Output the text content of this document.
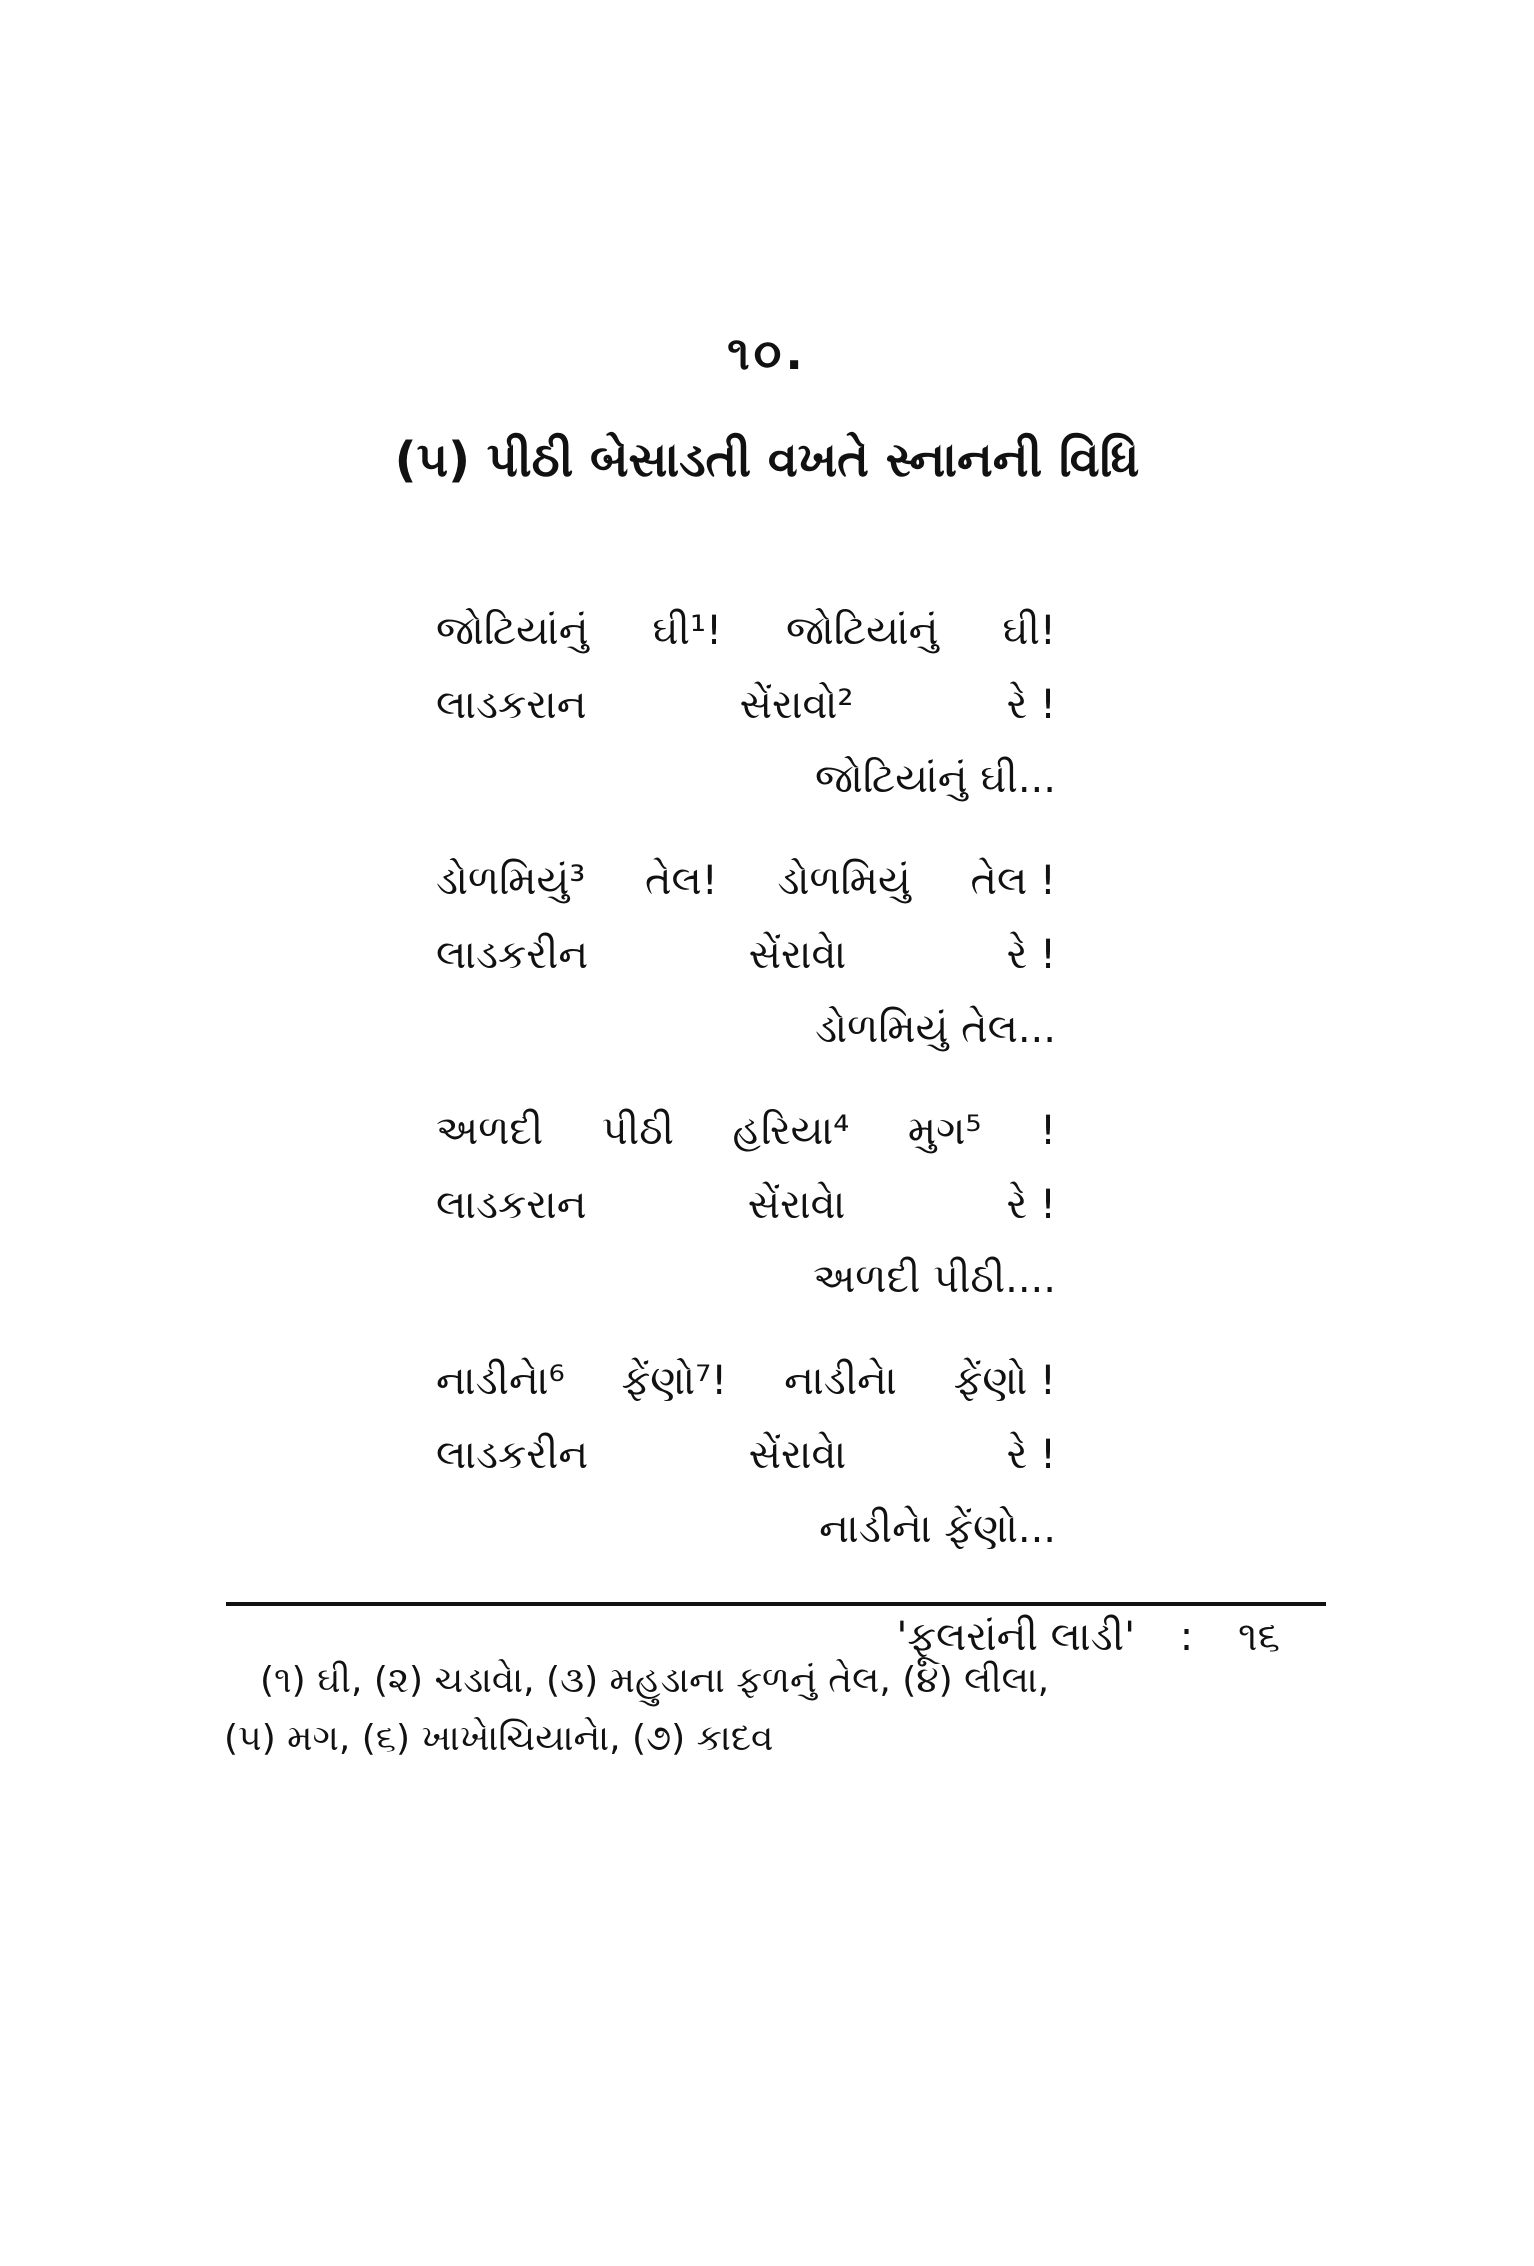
૧૦.
(૫) પીઠી બેસાડતી વખતે સ્નાનની વિધિ
જોટિયાંનું ઘી¹! જોટિયાંનું ઘી!
લાડકરાન	સેંરાવો²	રે !
જોટિયાંનું ઘી...
ડોળમિયું³ તેલ! ડોળમિયું તેલ !
લાડકરીન	સેંરાવેા	રે !
ડોળમિયું તેલ...
અળદી પીઠી હરિયા⁴ મુગ⁵ !
લાડકરાન	સેંરાવેા	રે !
અળદી પીઠી....
નાડીનેા⁶ ફેંણો⁷! નાડીનેા ફેંણો !
લાડકરીન	સેંરાવેા	રે !
નાડીનેા ફેંણો...
(૧) ઘી, (૨) ચડાવેા, (૩) મહુડાના ફળનું તેલ, (૪) લીલા,
(૫) મગ, (૬) ખાખેાચિયાનેા, (૭) કાદવ
'ફૂલરાંની લાડી' : ૧૬
